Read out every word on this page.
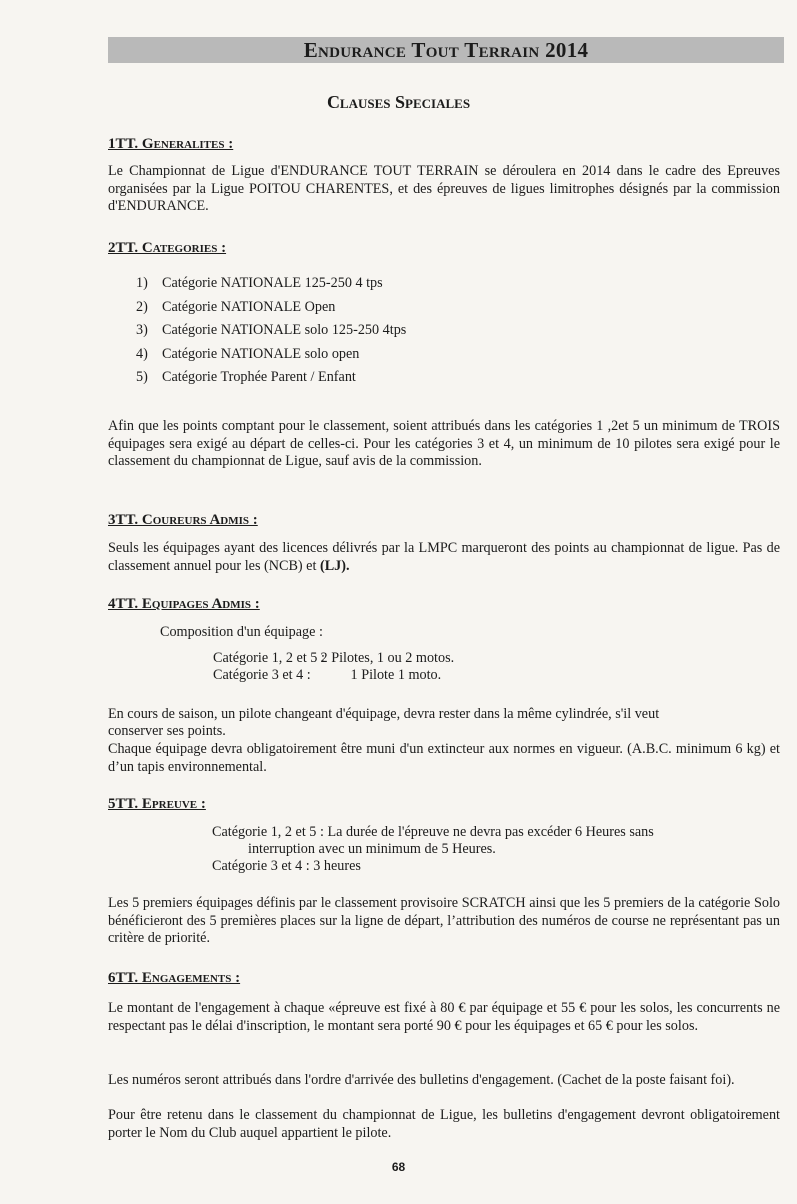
Endurance Tout Terrain 2014
Clauses Speciales
1TT. Generalites :
Le Championnat de Ligue d'ENDURANCE TOUT TERRAIN se déroulera en 2014 dans le cadre des Epreuves organisées par la Ligue POITOU CHARENTES, et des épreuves de ligues limitrophes désignés par la commission d'ENDURANCE.
2TT. Categories :
1) Catégorie NATIONALE 125-250 4 tps
2) Catégorie NATIONALE Open
3) Catégorie NATIONALE solo 125-250 4tps
4) Catégorie NATIONALE solo open
5) Catégorie Trophée Parent / Enfant
Afin que les points comptant pour le classement, soient attribués dans les catégories 1 ,2et 5 un minimum de TROIS équipages sera exigé au départ de celles-ci. Pour les catégories 3 et 4, un minimum de 10 pilotes sera exigé pour le classement du championnat de Ligue, sauf avis de la commission.
3TT. Coureurs Admis :
Seuls les équipages ayant des licences délivrés par la LMPC marqueront des points au championnat de ligue. Pas de classement annuel pour les (NCB) et (LJ).
4TT. Equipages Admis :
Composition d'un équipage :
Catégorie 1, 2 et 5 : 2 Pilotes, 1 ou 2 motos.
Catégorie 3 et 4 :	1 Pilote 1 moto.
En cours de saison, un pilote changeant d'équipage, devra rester dans la même cylindrée, s'il veut
conserver ses points.
Chaque équipage devra obligatoirement être muni d'un extincteur aux normes en vigueur. (A.B.C. minimum 6 kg) et d’un tapis environnemental.
5TT. Epreuve :
Catégorie 1, 2 et 5 : La durée de l'épreuve ne devra pas excéder 6 Heures sans
interruption avec un minimum de 5 Heures.
Catégorie 3 et 4 : 3 heures
Les 5 premiers équipages définis par le classement provisoire SCRATCH ainsi que les 5 premiers de la catégorie Solo bénéficieront des 5 premières places sur la ligne de départ, l’attribution des numéros de course ne représentant pas un critère de priorité.
6TT. Engagements :
Le montant de l'engagement à chaque «épreuve est fixé à 80 € par équipage et 55 € pour les solos, les concurrents ne respectant pas le délai d'inscription, le montant sera porté 90 € pour les équipages et 65 € pour les solos.
Les numéros seront attribués dans l'ordre d'arrivée des bulletins d'engagement. (Cachet de la poste faisant foi).
Pour être retenu dans le classement du championnat de Ligue, les bulletins d'engagement devront obligatoirement porter le Nom du Club auquel appartient le pilote.
68
